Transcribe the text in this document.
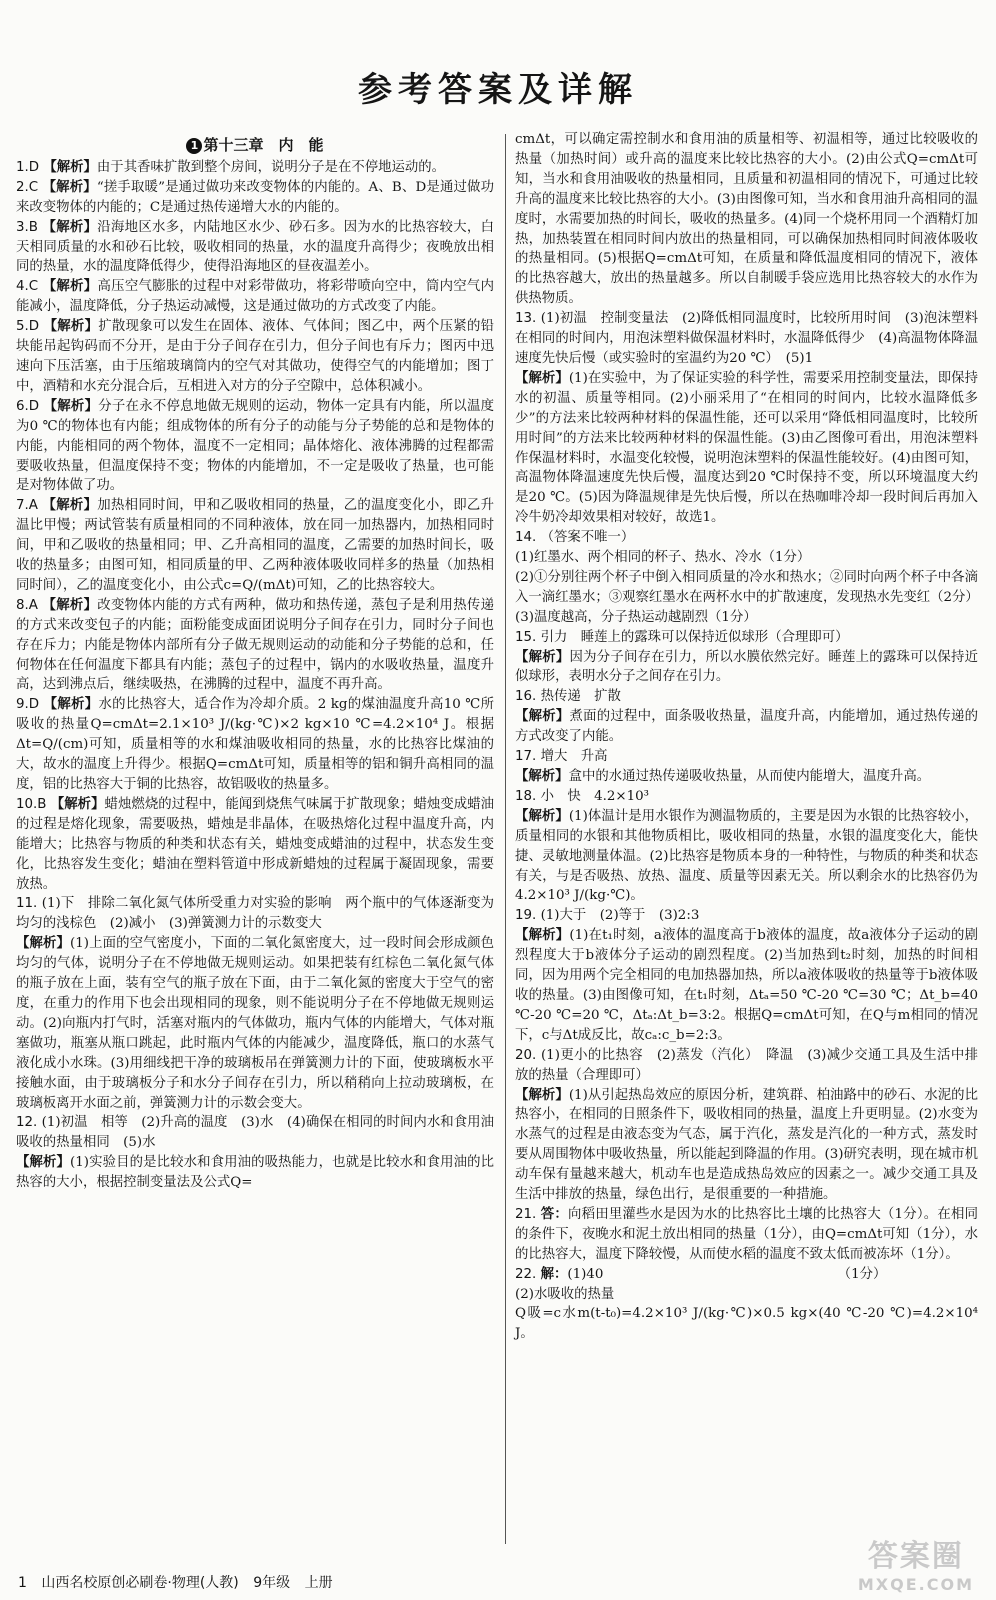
参考答案及详解
1 第十三章　内　能

1.D 【解析】由于其香味扩散到整个房间，说明分子是在不停地运动的。

2.C 【解析】“搓手取暖”是通过做功来改变物体的内能的。A、B、D是通过做功来改变物体的内能的；C是通过热传递增大水的内能的。

3.B 【解析】沿海地区水多，内陆地区水少、砂石多。因为水的比热容较大，白天相同质量的水和砂石比较，吸收相同的热量，水的温度升高得少；夜晚放出相同的热量，水的温度降低得少，使得沿海地区的昼夜温差小。

4.C 【解析】高压空气膨胀的过程中对彩带做功，将彩带喷向空中，筒内空气内能减小，温度降低，分子热运动减慢，这是通过做功的方式改变了内能。

5.D 【解析】扩散现象可以发生在固体、液体、气体间；图乙中，两个压紧的铅块能吊起钩码而不分开，是由于分子间存在引力，但分子间也有斥力；图丙中迅速向下压活塞，由于压缩玻璃筒内的空气对其做功，使得空气的内能增加；图丁中，酒精和水充分混合后，互相进入对方的分子空隙中，总体积减小。

6.D 【解析】分子在永不停息地做无规则的运动，物体一定具有内能，所以温度为0 ℃的物体也有内能；组成物体的所有分子的动能与分子势能的总和是物体的内能，内能相同的两个物体，温度不一定相同；晶体熔化、液体沸腾的过程都需要吸收热量，但温度保持不变；物体的内能增加，不一定是吸收了热量，也可能是对物体做了功。

7.A 【解析】加热相同时间，甲和乙吸收相同的热量，乙的温度变化小，即乙升温比甲慢；两试管装有质量相同的不同种液体，放在同一加热器内，加热相同时间，甲和乙吸收的热量相同；甲、乙升高相同的温度，乙需要的加热时间长，吸收的热量多；由图可知，相同质量的甲、乙两种液体吸收同样多的热量（加热相同时间），乙的温度变化小，由公式c=Q/(mΔt)可知，乙的比热容较大。

8.A 【解析】改变物体内能的方式有两种，做功和热传递，蒸包子是利用热传递的方式来改变包子的内能；面粉能变成面团说明分子间存在引力，同时分子间也存在斥力；内能是物体内部所有分子做无规则运动的动能和分子势能的总和，任何物体在任何温度下都具有内能；蒸包子的过程中，锅内的水吸收热量，温度升高，达到沸点后，继续吸热，在沸腾的过程中，温度不再升高。

9.D 【解析】水的比热容大，适合作为冷却介质。2 kg的煤油温度升高10 ℃所吸收的热量Q=cmΔt=2.1×10³ J/(kg·℃)×2 kg×10 ℃=4.2×10⁴ J。根据Δt=Q/(cm)可知，质量相等的水和煤油吸收相同的热量，水的比热容比煤油的大，故水的温度上升得少。根据Q=cmΔt可知，质量相等的铝和铜升高相同的温度，铝的比热容大于铜的比热容，故铝吸收的热量多。

10.B 【解析】蜡烛燃烧的过程中，能闻到烧焦气味属于扩散现象；蜡烛变成蜡油的过程是熔化现象，需要吸热，蜡烛是非晶体，在吸热熔化过程中温度升高，内能增大；比热容与物质的种类和状态有关，蜡烛变成蜡油的过程中，状态发生变化，比热容发生变化；蜡油在塑料管道中形成新蜡烛的过程属于凝固现象，需要放热。

11. (1)下　排除二氧化氮气体所受重力对实验的影响　两个瓶中的气体逐渐变为均匀的浅棕色　(2)减小　(3)弹簧测力计的示数变大

【解析】(1)上面的空气密度小，下面的二氧化氮密度大，过一段时间会形成颜色均匀的气体，说明分子在不停地做无规则运动。如果把装有红棕色二氧化氮气体的瓶子放在上面，装有空气的瓶子放在下面，由于二氧化氮的密度大于空气的密度，在重力的作用下也会出现相同的现象，则不能说明分子在不停地做无规则运动。(2)向瓶内打气时，活塞对瓶内的气体做功，瓶内气体的内能增大，气体对瓶塞做功，瓶塞从瓶口跳起，此时瓶内气体的内能减少，温度降低，瓶口的水蒸气液化成小水珠。(3)用细线把干净的玻璃板吊在弹簧测力计的下面，使玻璃板水平接触水面，由于玻璃板分子和水分子间存在引力，所以稍稍向上拉动玻璃板，在玻璃板离开水面之前，弹簧测力计的示数会变大。

12. (1)初温　相等　(2)升高的温度　(3)水　(4)确保在相同的时间内水和食用油吸收的热量相同　(5)水

【解析】(1)实验目的是比较水和食用油的吸热能力，也就是比较水和食用油的比热容的大小，根据控制变量法及公式Q=

cmΔt，可以确定需控制水和食用油的质量相等、初温相等，通过比较吸收的热量（加热时间）或升高的温度来比较比热容的大小。(2)由公式Q=cmΔt可知，当水和食用油吸收的热量相同，且质量和初温相同的情况下，可通过比较升高的温度来比较比热容的大小。(3)由图像可知，当水和食用油升高相同的温度时，水需要加热的时间长，吸收的热量多。(4)同一个烧杯用同一个酒精灯加热，加热装置在相同时间内放出的热量相同，可以确保加热相同时间液体吸收的热量相同。(5)根据Q=cmΔt可知，在质量和降低温度相同的情况下，液体的比热容越大，放出的热量越多。所以自制暖手袋应选用比热容较大的水作为供热物质。

13. (1)初温　控制变量法　(2)降低相同温度时，比较所用时间　(3)泡沫塑料　在相同的时间内，用泡沫塑料做保温材料时，水温降低得少　(4)高温物体降温速度先快后慢（或实验时的室温约为20 ℃）　(5)1

【解析】(1)在实验中，为了保证实验的科学性，需要采用控制变量法，即保持水的初温、质量等相同。(2)小丽采用了“在相同的时间内，比较水温降低多少”的方法来比较两种材料的保温性能，还可以采用“降低相同温度时，比较所用时间”的方法来比较两种材料的保温性能。(3)由乙图像可看出，用泡沫塑料作保温材料时，水温变化较慢，说明泡沫塑料的保温性能较好。(4)由图可知，高温物体降温速度先快后慢，温度达到20 ℃时保持不变，所以环境温度大约是20 ℃。(5)因为降温规律是先快后慢，所以在热咖啡冷却一段时间后再加入冷牛奶冷却效果相对较好，故选1。

14. （答案不唯一）

(1)红墨水、两个相同的杯子、热水、冷水（1分）

(2)①分别往两个杯子中倒入相同质量的冷水和热水；②同时向两个杯子中各滴入一滴红墨水；③观察红墨水在两杯水中的扩散速度，发现热水先变红（2分）

(3)温度越高，分子热运动越剧烈（1分）

15. 引力　睡莲上的露珠可以保持近似球形（合理即可）

【解析】因为分子间存在引力，所以水膜依然完好。睡莲上的露珠可以保持近似球形，表明水分子之间存在引力。

16. 热传递　扩散

【解析】煮面的过程中，面条吸收热量，温度升高，内能增加，通过热传递的方式改变了内能。

17. 增大　升高

【解析】盒中的水通过热传递吸收热量，从而使内能增大，温度升高。

18. 小　快　4.2×10³

【解析】(1)体温计是用水银作为测温物质的，主要是因为水银的比热容较小，质量相同的水银和其他物质相比，吸收相同的热量，水银的温度变化大，能快捷、灵敏地测量体温。(2)比热容是物质本身的一种特性，与物质的种类和状态有关，与是否吸热、放热、温度、质量等因素无关。所以剩余水的比热容仍为4.2×10³ J/(kg·℃)。

19. (1)大于　(2)等于　(3)2:3

【解析】(1)在t₁时刻，a液体的温度高于b液体的温度，故a液体分子运动的剧烈程度大于b液体分子运动的剧烈程度。(2)当加热到t₂时刻，加热的时间相同，因为用两个完全相同的电加热器加热，所以a液体吸收的热量等于b液体吸收的热量。(3)由图像可知，在t₁时刻，Δtₐ=50 ℃-20 ℃=30 ℃；Δt_b=40 ℃-20 ℃=20 ℃，Δtₐ:Δt_b=3:2。根据Q=cmΔt可知，在Q与m相同的情况下，c与Δt成反比，故cₐ:c_b=2:3。

20. (1)更小的比热容　(2)蒸发（汽化）　降温　(3)减少交通工具及生活中排放的热量（合理即可）

【解析】(1)从引起热岛效应的原因分析，建筑群、柏油路中的砂石、水泥的比热容小，在相同的日照条件下，吸收相同的热量，温度上升更明显。(2)水变为水蒸气的过程是由液态变为气态，属于汽化，蒸发是汽化的一种方式，蒸发时要从周围物体中吸收热量，所以能起到降温的作用。(3)研究表明，现在城市机动车保有量越来越大，机动车也是造成热岛效应的因素之一。减少交通工具及生活中排放的热量，绿色出行，是很重要的一种措施。

21. 答：向稻田里灌些水是因为水的比热容比土壤的比热容大（1分）。在相同的条件下，夜晚水和泥土放出相同的热量（1分），由Q=cmΔt可知（1分），水的比热容大，温度下降较慢，从而使水稻的温度不致太低而被冻坏（1分）。

22. 解：(1)40　　　　　　　　　　　　　　　　　　（1分）

(2)水吸收的热量

Q吸=c水m(t-t₀)=4.2×10³ J/(kg·℃)×0.5 kg×(40 ℃-20 ℃)=4.2×10⁴ J。

1 山西名校原创必刷卷·物理(人教) 9年级 上册
答案圈
MXQE.COM
